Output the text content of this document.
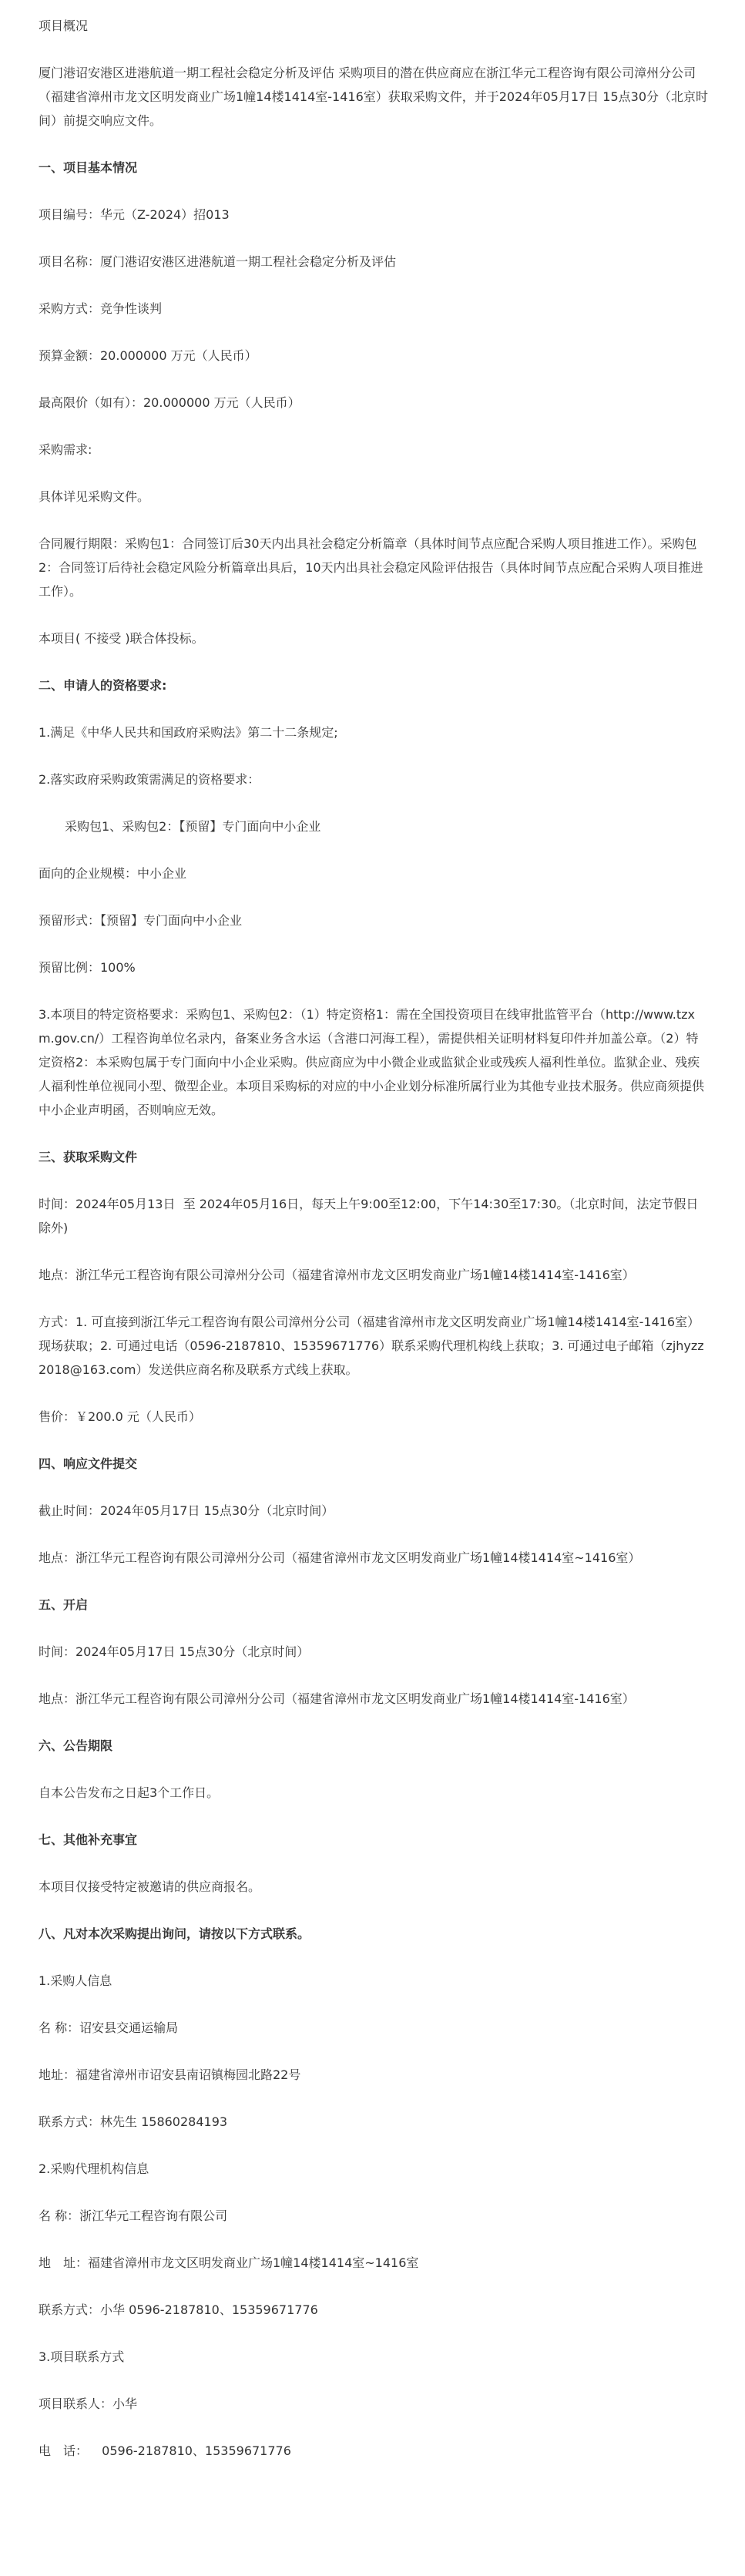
项目概况

厦门港诏安港区进港航道一期工程社会稳定分析及评估 采购项目的潜在供应商应在浙江华元工程咨询有限公司漳州分公司（福建省漳州市龙文区明发商业广场1幢14楼1414室-1416室）获取采购文件，并于2024年05月17日 15点30分（北京时间）前提交响应文件。

一、项目基本情况

项目编号：华元（Z-2024）招013

项目名称：厦门港诏安港区进港航道一期工程社会稳定分析及评估

采购方式：竞争性谈判

预算金额：20.000000 万元（人民币）

最高限价（如有）：20.000000 万元（人民币）

采购需求:

具体详见采购文件。

合同履行期限：采购包1：合同签订后30天内出具社会稳定分析篇章（具体时间节点应配合采购人项目推进工作）。采购包2：合同签订后待社会稳定风险分析篇章出具后，10天内出具社会稳定风险评估报告（具体时间节点应配合采购人项目推进工作）。

本项目( 不接受 )联合体投标。

二、申请人的资格要求:

1.满足《中华人民共和国政府采购法》第二十二条规定;

2.落实政府采购政策需满足的资格要求：

采购包1、采购包2：【预留】专门面向中小企业

面向的企业规模：中小企业

预留形式：【预留】专门面向中小企业

预留比例：100%

3.本项目的特定资格要求：采购包1、采购包2：（1）特定资格1：需在全国投资项目在线审批监管平台（http://www.tzxm.gov.cn/）工程咨询单位名录内，备案业务含水运（含港口河海工程），需提供相关证明材料复印件并加盖公章。（2）特定资格2：本采购包属于专门面向中小企业采购。供应商应为中小微企业或监狱企业或残疾人福利性单位。监狱企业、残疾人福利性单位视同小型、微型企业。本项目采购标的对应的中小企业划分标准所属行业为其他专业技术服务。供应商须提供中小企业声明函，否则响应无效。

三、获取采购文件

时间：2024年05月13日  至 2024年05月16日，每天上午9:00至12:00，下午14:30至17:30。（北京时间，法定节假日除外)

地点：浙江华元工程咨询有限公司漳州分公司（福建省漳州市龙文区明发商业广场1幢14楼1414室-1416室）

方式：1. 可直接到浙江华元工程咨询有限公司漳州分公司（福建省漳州市龙文区明发商业广场1幢14楼1414室-1416室）现场获取；2. 可通过电话（0596-2187810、15359671776）联系采购代理机构线上获取；3. 可通过电子邮箱（zjhyzz2018@163.com）发送供应商名称及联系方式线上获取。

售价：￥200.0 元（人民币）

四、响应文件提交

截止时间：2024年05月17日 15点30分（北京时间）

地点：浙江华元工程咨询有限公司漳州分公司（福建省漳州市龙文区明发商业广场1幢14楼1414室~1416室）

五、开启

时间：2024年05月17日 15点30分（北京时间）

地点：浙江华元工程咨询有限公司漳州分公司（福建省漳州市龙文区明发商业广场1幢14楼1414室-1416室）

六、公告期限

自本公告发布之日起3个工作日。

七、其他补充事宜

本项目仅接受特定被邀请的供应商报名。

八、凡对本次采购提出询问，请按以下方式联系。

1.采购人信息

名 称：诏安县交通运输局

地址：福建省漳州市诏安县南诏镇梅园北路22号

联系方式：林先生 15860284193

2.采购代理机构信息

名 称：浙江华元工程咨询有限公司

地　址：福建省漳州市龙文区明发商业广场1幢14楼1414室~1416室

联系方式：小华 0596-2187810、15359671776

3.项目联系方式

项目联系人：小华

电　话：　  0596-2187810、15359671776
